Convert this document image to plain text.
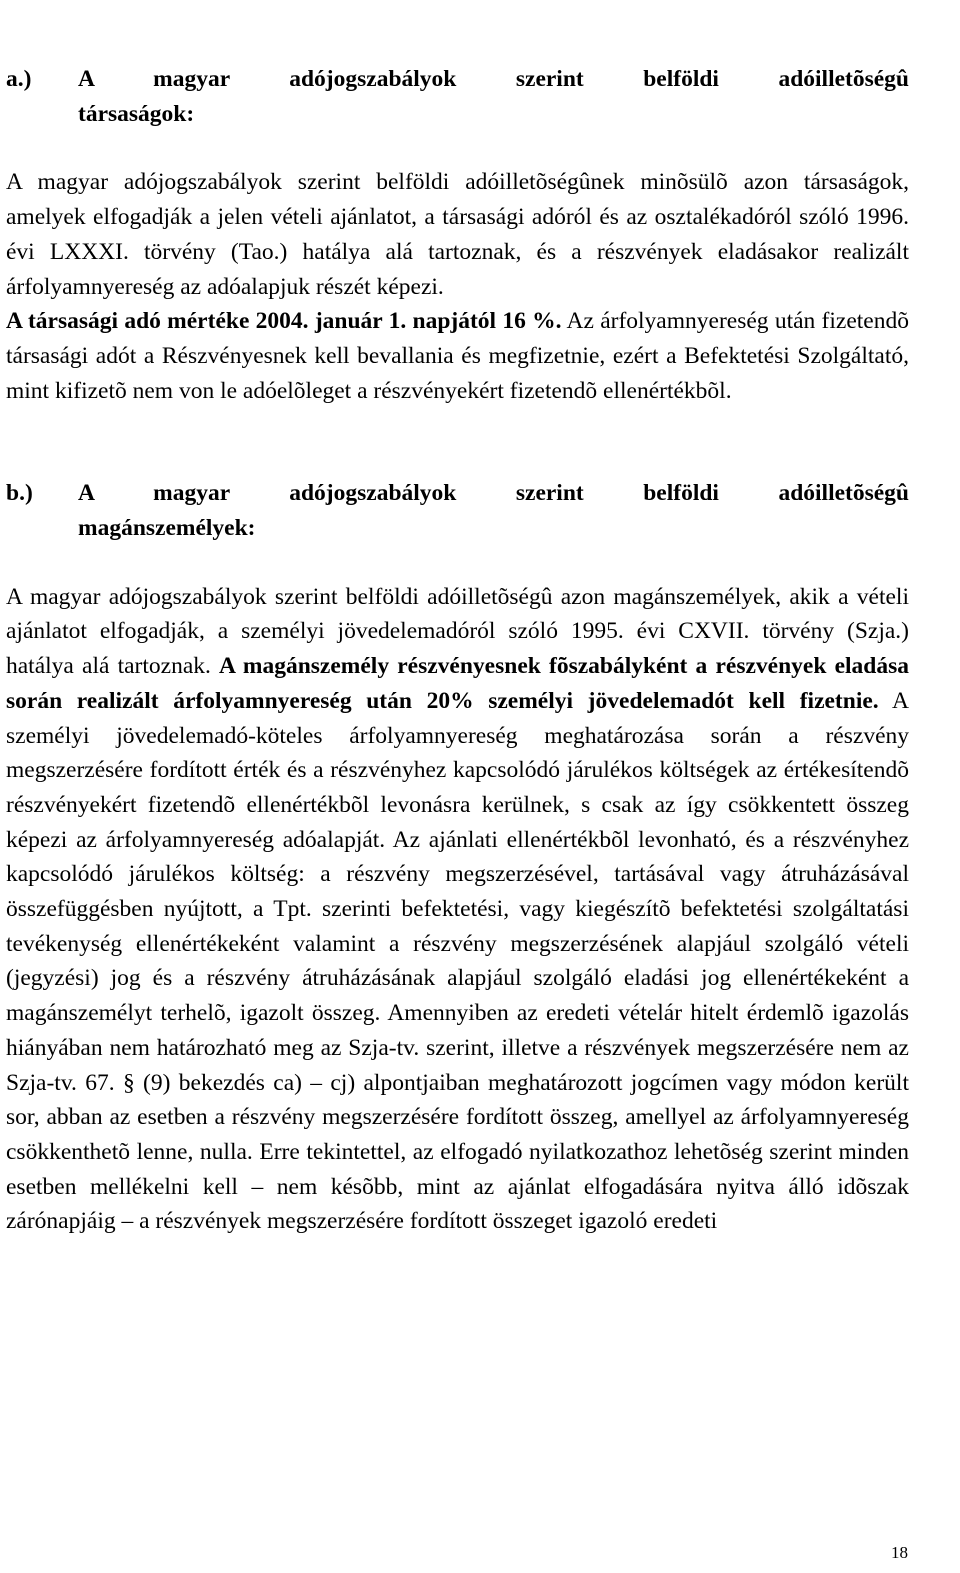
a.) A magyar adójogszabályok szerint belföldi adóilletõségû
társaságok:

A magyar adójogszabályok szerint belföldi adóilletõségûnek minõsülõ azon társaságok, amelyek elfogadják a jelen vételi ajánlatot, a társasági adóról és az osztalékadóról szóló 1996. évi LXXXI. törvény (Tao.) hatálya alá tartoznak, és a részvények eladásakor realizált árfolyamnyereség az adóalapjuk részét képezi.

A társasági adó mértéke 2004. január 1. napjától 16 %. Az árfolyamnyereség után fizetendõ társasági adót a Részvényesnek kell bevallania és megfizetnie, ezért a Befektetési Szolgáltató, mint kifizetõ nem von le adóelõleget a részvényekért fizetendõ ellenértékbõl.

b.) A magyar adójogszabályok szerint belföldi adóilletõségû
magánszemélyek:

A magyar adójogszabályok szerint belföldi adóilletõségû azon magánszemélyek, akik a vételi ajánlatot elfogadják, a személyi jövedelemadóról szóló 1995. évi CXVII. törvény (Szja.) hatálya alá tartoznak. A magánszemély részvényesnek fõszabályként a részvények eladása során realizált árfolyamnyereség után 20% személyi jövedelemadót kell fizetnie. A személyi jövedelemadó-köteles árfolyamnyereség meghatározása során a részvény megszerzésére fordított érték és a részvényhez kapcsolódó járulékos költségek az értékesítendõ részvényekért fizetendõ ellenértékbõl levonásra kerülnek, s csak az így csökkentett összeg képezi az árfolyamnyereség adóalapját. Az ajánlati ellenértékbõl levonható, és a részvényhez kapcsolódó járulékos költség: a részvény megszerzésével, tartásával vagy átruházásával összefüggésben nyújtott, a Tpt. szerinti befektetési, vagy kiegészítõ befektetési szolgáltatási tevékenység ellenértékeként valamint a részvény megszerzésének alapjául szolgáló vételi (jegyzési) jog és a részvény átruházásának alapjául szolgáló eladási jog ellenértékeként a magánszemélyt terhelõ, igazolt összeg. Amennyiben az eredeti vételár hitelt érdemlõ igazolás hiányában nem határozható meg az Szja-tv. szerint, illetve a részvények megszerzésére nem az Szja-tv. 67. § (9) bekezdés ca) – cj) alpontjaiban meghatározott jogcímen vagy módon került sor, abban az esetben a részvény megszerzésére fordított összeg, amellyel az árfolyamnyereség csökkenthetõ lenne, nulla. Erre tekintettel, az elfogadó nyilatkozathoz lehetõség szerint minden esetben mellékelni kell – nem késõbb, mint az ajánlat elfogadására nyitva álló idõszak zárónapjáig – a részvények megszerzésére fordított összeget igazoló eredeti

18
